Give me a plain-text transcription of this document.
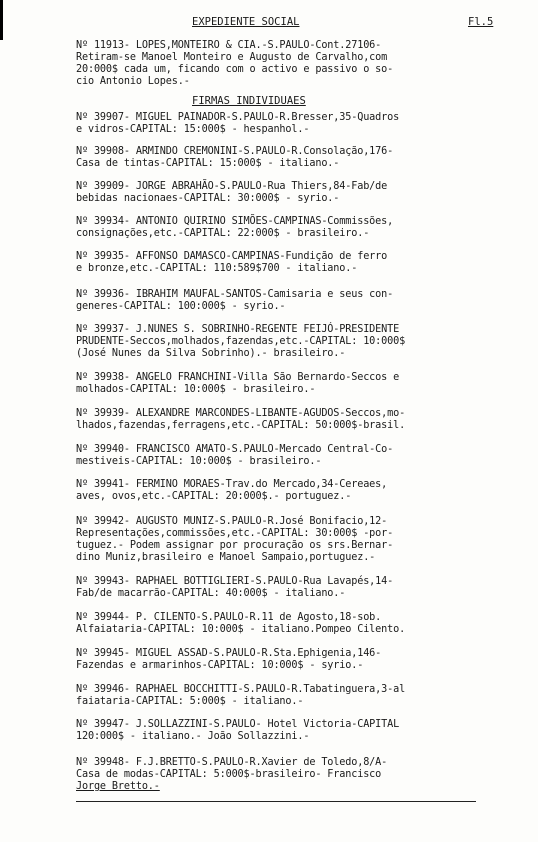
EXPEDIENTE SOCIAL	Fl.5
Nº 11913- LOPES,MONTEIRO & CIA.-S.PAULO-Cont.27106-
Retiram-se Manoel Monteiro e Augusto de Carvalho,com
20:000$ cada um, ficando com o activo e passivo o so-
cio Antonio Lopes.-
FIRMAS INDIVIDUAES
Nº 39907- MIGUEL PAINADOR-S.PAULO-R.Bresser,35-Quadros
e vidros-CAPITAL: 15:000$ - hespanhol.-
Nº 39908- ARMINDO CREMONINI-S.PAULO-R.Consolação,176-
Casa de tintas-CAPITAL: 15:000$ - italiano.-
Nº 39909- JORGE ABRAHÃO-S.PAULO-Rua Thiers,84-Fab/de
bebidas nacionaes-CAPITAL: 30:000$ - syrio.-
Nº 39934- ANTONIO QUIRINO SIMÕES-CAMPINAS-Commissões,
consignações,etc.-CAPITAL: 22:000$ - brasileiro.-
Nº 39935- AFFONSO DAMASCO-CAMPINAS-Fundição de ferro
e bronze,etc.-CAPITAL: 110:589$700 - italiano.-
Nº 39936- IBRAHIM MAUFAL-SANTOS-Camisaria e seus con-
generes-CAPITAL: 100:000$ - syrio.-
Nº 39937- J.NUNES S. SOBRINHO-REGENTE FEIJÓ-PRESIDENTE
PRUDENTE-Seccos,molhados,fazendas,etc.-CAPITAL: 10:000$
(José Nunes da Silva Sobrinho).- brasileiro.-
Nº 39938- ANGELO FRANCHINI-Villa São Bernardo-Seccos e
molhados-CAPITAL: 10:000$ - brasileiro.-
Nº 39939- ALEXANDRE MARCONDES-LIBANTE-AGUDOS-Seccos,mo-
lhados,fazendas,ferragens,etc.-CAPITAL: 50:000$-brasil.
Nº 39940- FRANCISCO AMATO-S.PAULO-Mercado Central-Co-
mestiveis-CAPITAL: 10:000$ - brasileiro.-
Nº 39941- FERMINO MORAES-Trav.do Mercado,34-Cereaes,
aves, ovos,etc.-CAPITAL: 20:000$.- portuguez.-
Nº 39942- AUGUSTO MUNIZ-S.PAULO-R.José Bonifacio,12-
Representações,commissões,etc.-CAPITAL: 30:000$ -por-
tuguez.- Podem assignar por procuração os srs.Bernar-
dino Muniz,brasileiro e Manoel Sampaio,portuguez.-
Nº 39943- RAPHAEL BOTTIGLIERI-S.PAULO-Rua Lavapés,14-
Fab/de macarrão-CAPITAL: 40:000$ - italiano.-
Nº 39944- P. CILENTO-S.PAULO-R.11 de Agosto,18-sob.
Alfaiataria-CAPITAL: 10:000$ - italiano.Pompeo Cilento.
Nº 39945- MIGUEL ASSAD-S.PAULO-R.Sta.Ephigenia,146-
Fazendas e armarinhos-CAPITAL: 10:000$ - syrio.-
Nº 39946- RAPHAEL BOCCHITTI-S.PAULO-R.Tabatinguera,3-al
faiataria-CAPITAL: 5:000$ - italiano.-
Nº 39947- J.SOLLAZZINI-S.PAULO- Hotel Victoria-CAPITAL
120:000$ - italiano.- João Sollazzini.-
Nº 39948- F.J.BRETTO-S.PAULO-R.Xavier de Toledo,8/A-
Casa de modas-CAPITAL: 5:000$-brasileiro- Francisco
Jorge Bretto.-
